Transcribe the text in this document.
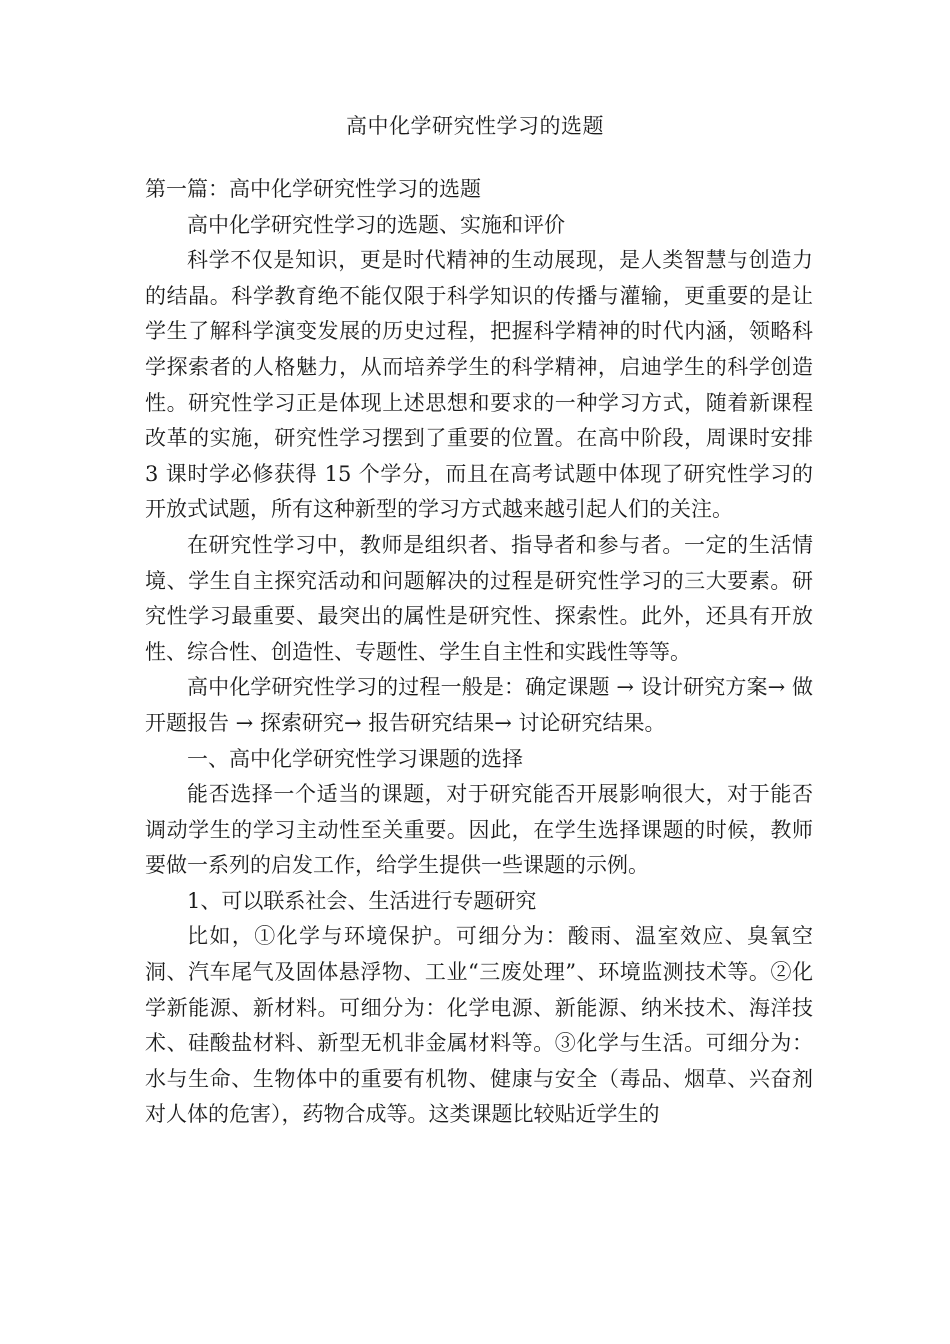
高中化学研究性学习的选题

第一篇：高中化学研究性学习的选题

高中化学研究性学习的选题、实施和评价

科学不仅是知识，更是时代精神的生动展现，是人类智慧与创造力的结晶。科学教育绝不能仅限于科学知识的传播与灌输，更重要的是让学生了解科学演变发展的历史过程，把握科学精神的时代内涵，领略科学探索者的人格魅力，从而培养学生的科学精神，启迪学生的科学创造性。研究性学习正是体现上述思想和要求的一种学习方式，随着新课程改革的实施，研究性学习摆到了重要的位置。在高中阶段，周课时安排 3 课时学必修获得 15 个学分，而且在高考试题中体现了研究性学习的开放式试题，所有这种新型的学习方式越来越引起人们的关注。

在研究性学习中，教师是组织者、指导者和参与者。一定的生活情境、学生自主探究活动和问题解决的过程是研究性学习的三大要素。研究性学习最重要、最突出的属性是研究性、探索性。此外，还具有开放性、综合性、创造性、专题性、学生自主性和实践性等等。

高中化学研究性学习的过程一般是：确定课题 → 设计研究方案→ 做开题报告 → 探索研究→ 报告研究结果→ 讨论研究结果。

一、高中化学研究性学习课题的选择

能否选择一个适当的课题，对于研究能否开展影响很大，对于能否调动学生的学习主动性至关重要。因此，在学生选择课题的时候，教师要做一系列的启发工作，给学生提供一些课题的示例。

1、可以联系社会、生活进行专题研究

比如，①化学与环境保护。可细分为：酸雨、温室效应、臭氧空洞、汽车尾气及固体悬浮物、工业“三废处理”、环境监测技术等。②化学新能源、新材料。可细分为：化学电源、新能源、纳米技术、海洋技术、硅酸盐材料、新型无机非金属材料等。③化学与生活。可细分为：水与生命、生物体中的重要有机物、健康与安全（毒品、烟草、兴奋剂对人体的危害），药物合成等。这类课题比较贴近学生的
